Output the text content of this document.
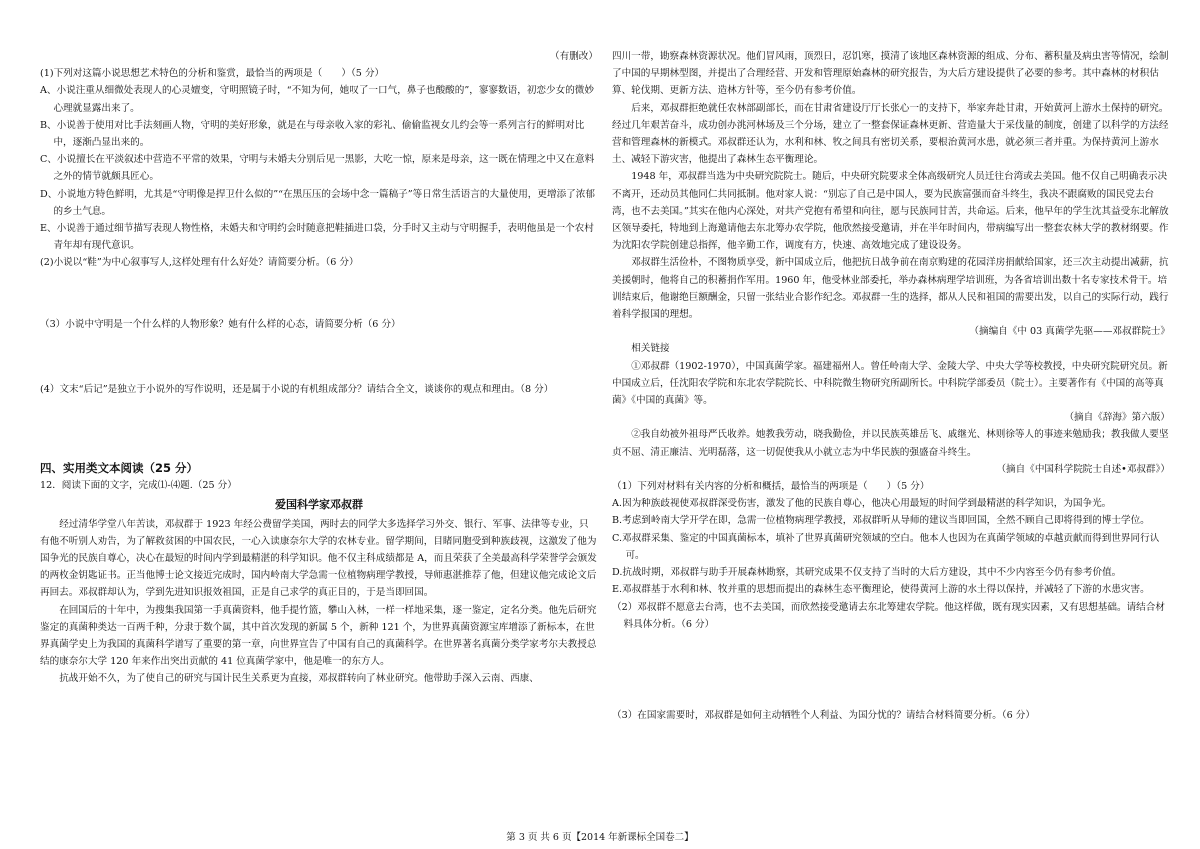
（有删改）

(1)下列对这篇小说思想艺术特色的分析和鉴赏，最恰当的两项是（　　）（5 分）

A、小说注重从细微处表现人的心灵嬗变，守明照镜子时，“不知为何，她叹了一口气，鼻子也酸酸的”，寥寥数语，初恋少女的微妙心理就显露出来了。

B、小说善于使用对比手法刻画人物，守明的美好形象，就是在与母亲收入家的彩礼、偷偷监视女儿约会等一系列言行的鲜明对比中，逐渐凸显出来的。

C、小说擅长在平淡叙述中营造不平常的效果，守明与未婚夫分别后见一黑影，大吃一惊，原来是母亲，这一既在情理之中又在意料之外的情节就颇具匠心。

D、小说地方特色鲜明，尤其是“守明像是捍卫什么似的”“在黑压压的会场中念一篇稿子”等日常生活语言的大量使用，更增添了浓郁的乡土气息。

E、小说善于通过细节描写表现人物性格，未婚夫和守明约会时随意把鞋插进口袋，分手时又主动与守明握手，表明他虽是一个农村青年却有现代意识。

(2)小说以“鞋”为中心叙事写人,这样处理有什么好处？请简要分析。（6 分）

（3）小说中守明是一个什么样的人物形象？她有什么样的心态，请简要分析（6 分）

(4）文末“后记”是独立于小说外的写作说明，还是属于小说的有机组成部分？请结合全文，谈谈你的观点和理由。（8 分）

四、实用类文本阅读（25 分）

12．阅读下面的文字，完成⑴-⑷题.（25 分）

爱国科学家邓叔群

经过清华学堂八年苦读，邓叔群于 1923 年经公费留学美国，两时去的同学大多选择学习外交、银行、军事、法律等专业，只有他不听别人劝告，为了解救贫困的中国农民，一心入读康奈尔大学的农林专业。留学期间，目睹同胞受到种族歧视，这激发了他为国争光的民族自尊心，决心在最短的时间内学到最精湛的科学知识。他不仅主科成绩都是 A，而且荣获了全美最高科学荣誉学会颁发的两枚金钥匙证书。正当他博士论文接近完成时，国内岭南大学急需一位植物病理学教授，导师惠湛推荐了他，但建议他完成论文后再回去。邓叔群却认为，学到先进知识报效祖国，正是自己求学的真正目的，于是当即回国。

在回国后的十年中，为搜集我国第一手真菌资料，他手提竹篮，攀山入林，一样一样地采集，逐一鉴定，定名分类。他先后研究鉴定的真菌种类达一百两千种，分隶于数个属，其中首次发现的新属 5 个，新种 121 个，为世界真菌资源宝库增添了新标本，在世界真菌学史上为我国的真菌科学谱写了重要的第一章，向世界宣告了中国有自己的真菌科学。在世界著名真菌分类学家考尔夫教授总结的康奈尔大学 120 年来作出突出贡献的 41 位真菌学家中，他是唯一的东方人。

抗战开始不久，为了使自己的研究与国计民生关系更为直接，邓叔群转向了林业研究。他带助手深入云南、西康、

四川一带，勘察森林资源状况。他们冒风雨，顶烈日，忍饥寒，摸清了该地区森林资源的组成、分布、蓄积量及病虫害等情况，绘制了中国的早期林型图，并提出了合理经营、开发和管理原始森林的研究报告，为大后方建设提供了必要的参考。其中森林的材积估算、轮伐期、更新方法、造林方针等，至今仍有参考价值。

后来，邓叔群拒绝就任农林部副部长，而在甘肃省建设厅厅长张心一的支持下，举家奔赴甘肃，开始黄河上游水土保持的研究。经过几年艰苦奋斗，成功创办洮河林场及三个分场，建立了一整套保证森林更新、营造量大于采伐量的制度，创建了以科学的方法经营和管理森林的新模式。邓叔群还认为，水利和林、牧之间具有密切关系，要根治黄河水患，就必须三者并重。为保持黄河上游水土、减轻下游灾害，他提出了森林生态平衡理论。

1948 年，邓叔群当选为中央研究院院士。随后，中央研究院要求全体高级研究人员迁往台湾或去美国。他不仅自己明确表示决不离开，还动员其他同仁共同抵制。他对家人说：“别忘了自己是中国人，要为民族富强而奋斗终生，我决不跟腐败的国民党去台湾，也不去美国。”其实在他内心深处，对共产党抱有希望和向往，愿与民族同甘苦，共命运。后来，他早年的学生沈其益受东北解放区领导委托，特地到上海邀请他去东北筹办农学院，他欣然接受邀请，并在半年时间内，带病编写出一整套农林大学的教材纲要。作为沈阳农学院创建总指挥，他辛勤工作，调度有方，快速、高效地完成了建设设务。

邓叔群生活俭朴，不图物质享受，新中国成立后，他把抗日战争前在南京购建的花园洋房捐献给国家，还三次主动提出减薪，抗美援朝时，他将自己的积蓄捐作军用。1960 年，他受林业部委托，举办森林病理学培训班，为各省培训出数十名专家技术骨干。培训结束后，他谢绝巨额酬金，只留一张结业合影作纪念。邓叔群一生的选择，都从人民和祖国的需要出发，以自己的实际行动，践行着科学报国的理想。

（摘编自《中 03 真菌学先驱——邓叔群院士》

相关链接

①邓叔群（1902-1970），中国真菌学家。福建福州人。曾任岭南大学、金陵大学、中央大学等校教授，中央研究院研究员。新中国成立后，任沈阳农学院和东北农学院院长、中科院微生物研究所副所长。中科院学部委员（院士）。主要著作有《中国的高等真菌》《中国的真菌》等。

（摘自《辞海》第六版）

②我自幼被外祖母严氏收养。她教我劳动，晓我勤俭，并以民族英雄岳飞、戚继光、林则徐等人的事迹来勉励我；教我做人要坚贞不屈、清正廉洁、光明磊落，这一切促使我从小就立志为中华民族的强盛奋斗终生。

（摘自《中国科学院院士自述•邓叔群》）

（1）下列对材料有关内容的分析和概括，最恰当的两项是（　　）（5 分）

A.因为种族歧视使邓叔群深受伤害，激发了他的民族自尊心，他决心用最短的时间学到最精湛的科学知识，为国争光。

B.考虑到岭南大学开学在即，急需一位植物病理学教授，邓叔群听从导师的建议当即回国，全然不顾自己即将得到的博士学位。

C.邓叔群采集、鉴定的中国真菌标本，填补了世界真菌研究领域的空白。他本人也因为在真菌学领域的卓越贡献而得到世界同行认可。

D.抗战时期，邓叔群与助手开展森林勘察，其研究成果不仅支持了当时的大后方建设，其中不少内容至今仍有参考价值。

E.邓叔群基于水利和林、牧并重的思想而提出的森林生态平衡理论，使得黄河上游的水土得以保持，并减轻了下游的水患灾害。

（2）邓叔群不愿意去台湾，也不去美国，而欣然接受邀请去东北筹建农学院。他这样做，既有现实因素，又有思想基础。请结合材料具体分析。（6 分）

（3）在国家需要时，邓叔群是如何主动牺牲个人利益、为国分忧的？请结合材料简要分析。（6 分）

第 3 页 共 6 页【2014 年新课标全国卷二】
